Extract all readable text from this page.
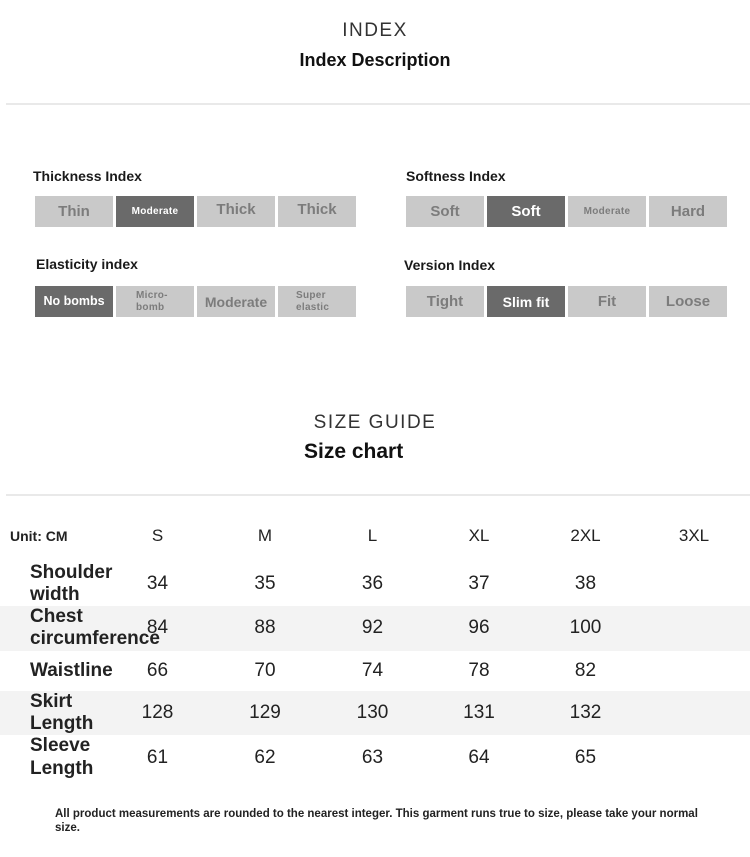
INDEX
Index Description
Thickness Index
Thin	Moderate	Thick	Thick
Softness Index
Soft	Soft	Moderate	Hard
Elasticity index
No bombs	Micro-
bomb	Moderate	Super
elastic
Version Index
Tight	Slim fit	Fit	Loose
SIZE GUIDE
Size chart
Unit: CM	S	M	L	XL	2XL	3XL
Shoulder
width	34	35	36	37	38	
Chest
circumference	84	88	92	96	100	
Waistline	66	70	74	78	82	
Skirt Length	128	129	130	131	132	
Sleeve
Length	61	62	63	64	65	
All product measurements are rounded to the nearest integer. This garment runs true to size, please take your normal size.
